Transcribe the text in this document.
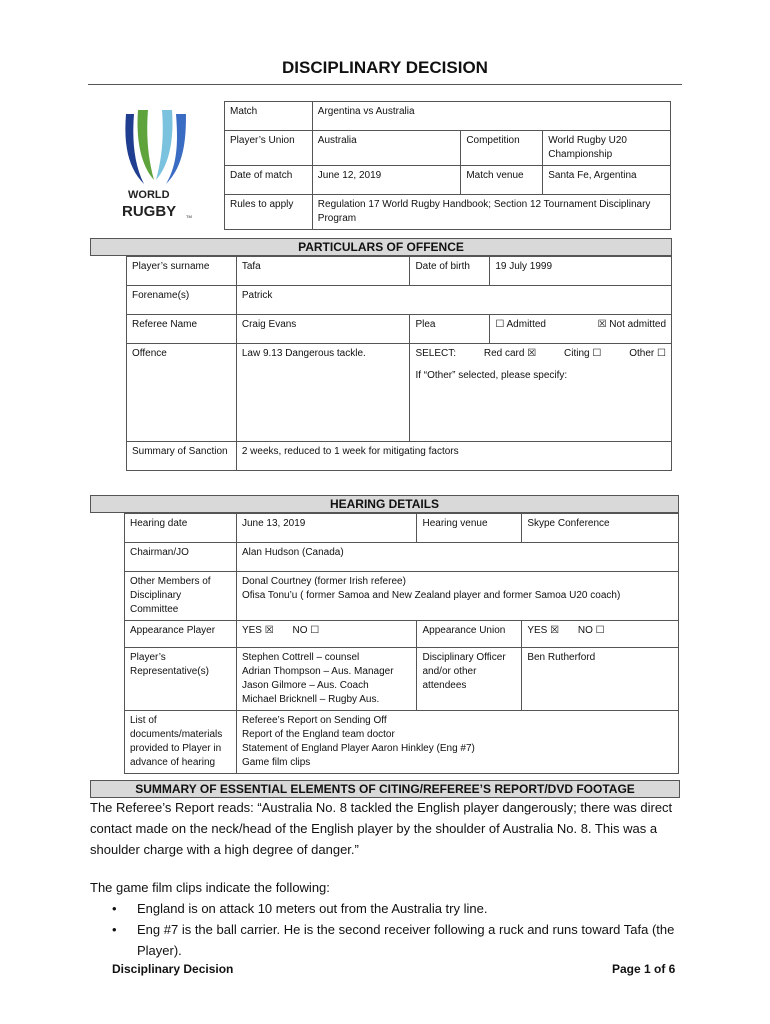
DISCIPLINARY DECISION
WORLD
RUGBY TM
Match	Argentina vs Australia		
Player’s Union	Australia	Competition	World Rugby U20 Championship
Date of match	June 12, 2019	Match venue	Santa Fe, Argentina
Rules to apply	Regulation 17 World Rugby Handbook; Section 12 Tournament Disciplinary Program		
PARTICULARS OF OFFENCE
Player’s surname	Tafa	Date of birth	19 July 1999
Forename(s)	Patrick		
Referee Name	Craig Evans	Plea	☐ Admitted ☒ Not admitted

Offence	Law 9.13 Dangerous tackle.	SELECT: Red card ☒ Citing ☐ Other ☐
If “Other” selected, please specify:	

Summary of Sanction	2 weeks, reduced to 1 week for mitigating factors		
HEARING DETAILS
Hearing date	June 13, 2019	Hearing venue	Skype Conference
Chairman/JO	Alan Hudson (Canada)		
Other Members of Disciplinary Committee	Donal Courtney (former Irish referee)
Ofisa Tonu’u ( former Samoa and New Zealand player and former Samoa U20 coach)		

Appearance Player	YES ☒ NO ☐	Appearance Union	YES ☒ NO ☐
Player’s Representative(s)	Stephen Cottrell – counsel
Adrian Thompson – Aus. Manager
Jason Gilmore – Aus. Coach
Michael Bricknell – Rugby Aus.	Disciplinary Officer and/or other attendees	Ben Rutherford
List of documents/materials provided to Player in advance of hearing	Referee’s Report on Sending Off
Report of the England team doctor
Statement of England Player Aaron Hinkley (Eng #7)
Game film clips		
SUMMARY OF ESSENTIAL ELEMENTS OF CITING/REFEREE’S REPORT/DVD FOOTAGE
The Referee’s Report reads: “Australia No. 8 tackled the English player dangerously; there was direct contact made on the neck/head of the English player by the shoulder of Australia No. 8. This was a shoulder charge with a high degree of danger.”
The game film clips indicate the following:
• England is on attack 10 meters out from the Australia try line.
• Eng #7 is the ball carrier. He is the second receiver following a ruck and runs toward Tafa (the Player).
Disciplinary Decision	Page 1 of 6
